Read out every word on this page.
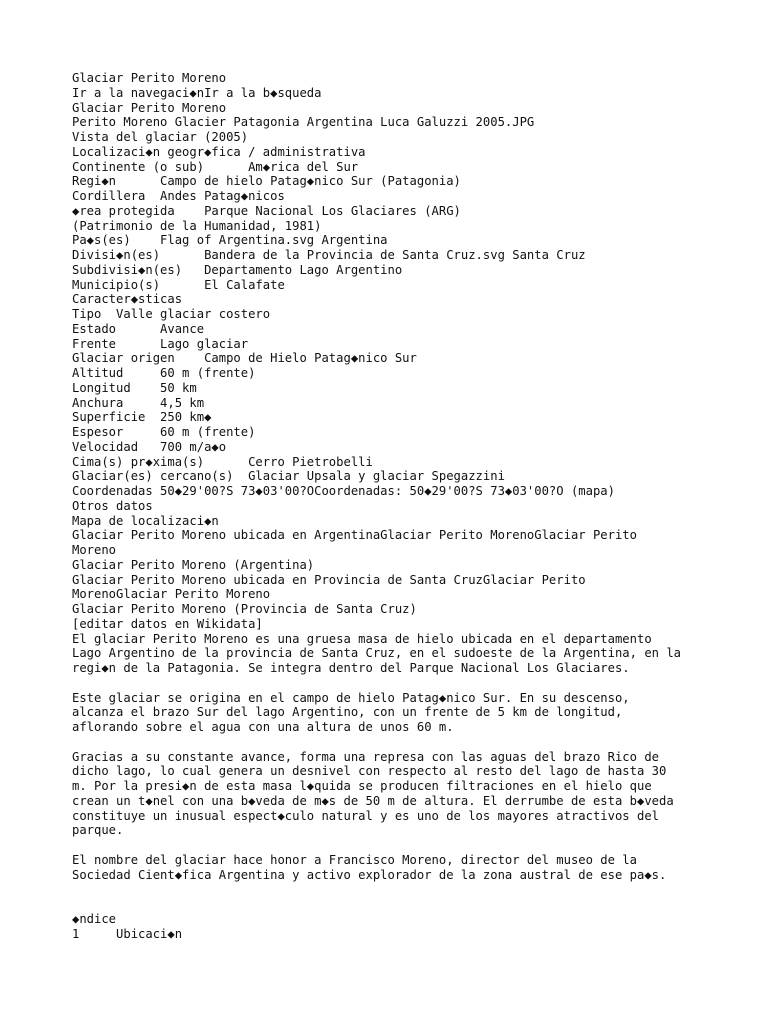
Glaciar Perito Moreno
Ir a la navegaci◆nIr a la b◆squeda
Glaciar Perito Moreno
Perito Moreno Glacier Patagonia Argentina Luca Galuzzi 2005.JPG
Vista del glaciar (2005)
Localizaci◆n geogr◆fica / administrativa
Continente (o sub)      Am◆rica del Sur
Regi◆n      Campo de hielo Patag◆nico Sur (Patagonia)
Cordillera  Andes Patag◆nicos
◆rea protegida    Parque Nacional Los Glaciares (ARG)
(Patrimonio de la Humanidad, 1981)
Pa◆s(es)    Flag of Argentina.svg Argentina
Divisi◆n(es)      Bandera de la Provincia de Santa Cruz.svg Santa Cruz
Subdivisi◆n(es)   Departamento Lago Argentino
Municipio(s)      El Calafate
Caracter◆sticas
Tipo  Valle glaciar costero
Estado      Avance
Frente      Lago glaciar
Glaciar origen    Campo de Hielo Patag◆nico Sur
Altitud     60 m (frente)
Longitud    50 km
Anchura     4,5 km
Superficie  250 km◆
Espesor     60 m (frente)
Velocidad   700 m/a◆o
Cima(s) pr◆xima(s)      Cerro Pietrobelli
Glaciar(es) cercano(s)  Glaciar Upsala y glaciar Spegazzini
Coordenadas 50◆29'00?S 73◆03'00?OCoordenadas: 50◆29'00?S 73◆03'00?O (mapa)
Otros datos
Mapa de localizaci◆n
Glaciar Perito Moreno ubicada en ArgentinaGlaciar Perito MorenoGlaciar Perito
Moreno
Glaciar Perito Moreno (Argentina)
Glaciar Perito Moreno ubicada en Provincia de Santa CruzGlaciar Perito
MorenoGlaciar Perito Moreno
Glaciar Perito Moreno (Provincia de Santa Cruz)
[editar datos en Wikidata]
El glaciar Perito Moreno es una gruesa masa de hielo ubicada en el departamento
Lago Argentino de la provincia de Santa Cruz, en el sudoeste de la Argentina, en la
regi◆n de la Patagonia. Se integra dentro del Parque Nacional Los Glaciares.
Este glaciar se origina en el campo de hielo Patag◆nico Sur. En su descenso,
alcanza el brazo Sur del lago Argentino, con un frente de 5 km de longitud,
aflorando sobre el agua con una altura de unos 60 m.
Gracias a su constante avance, forma una represa con las aguas del brazo Rico de
dicho lago, lo cual genera un desnivel con respecto al resto del lago de hasta 30
m. Por la presi◆n de esta masa l◆quida se producen filtraciones en el hielo que
crean un t◆nel con una b◆veda de m◆s de 50 m de altura. El derrumbe de esta b◆veda
constituye un inusual espect◆culo natural y es uno de los mayores atractivos del
parque.
El nombre del glaciar hace honor a Francisco Moreno, director del museo de la
Sociedad Cient◆fica Argentina y activo explorador de la zona austral de ese pa◆s.
◆ndice
1     Ubicaci◆n
